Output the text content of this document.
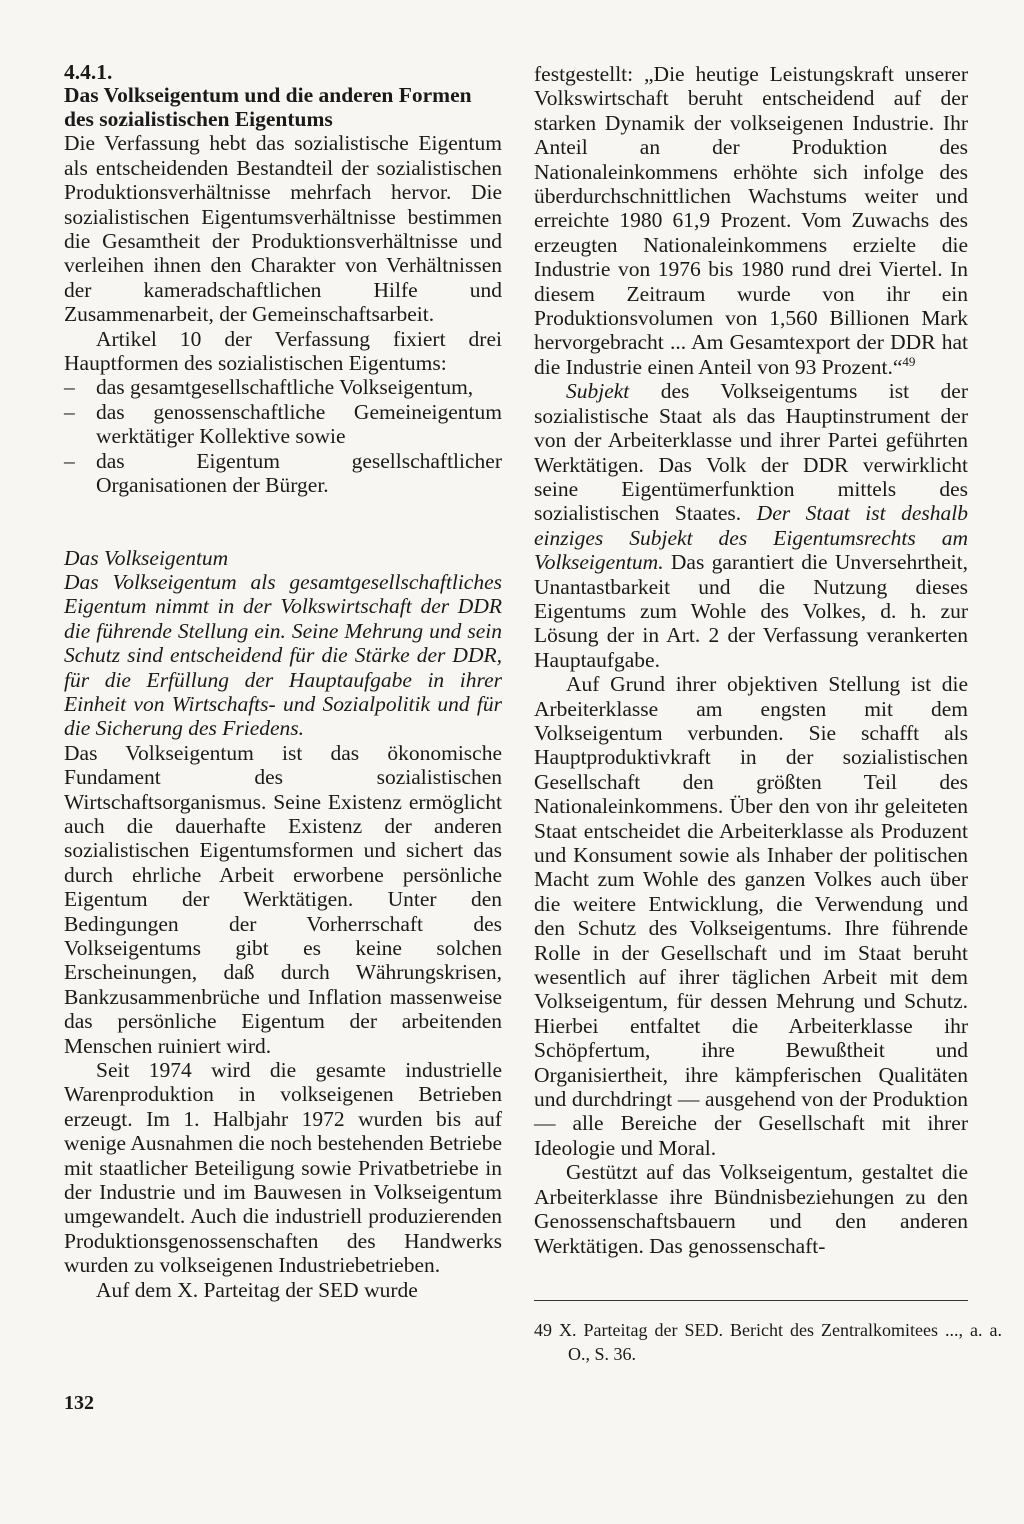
4.4.1.

Das Volkseigentum und die anderen Formen des sozialistischen Eigentums

Die Verfassung hebt das sozialistische Eigentum als entscheidenden Bestandteil der sozialistischen Produktionsverhältnisse mehrfach hervor. Die sozialistischen Eigentumsverhältnisse bestimmen die Gesamtheit der Produktionsverhältnisse und verleihen ihnen den Charakter von Verhältnissen der kameradschaftlichen Hilfe und Zusammenarbeit, der Gemeinschaftsarbeit.

Artikel 10 der Verfassung fixiert drei Hauptformen des sozialistischen Eigentums:

– das gesamtgesellschaftliche Volkseigentum,
– das genossenschaftliche Gemeineigentum werktätiger Kollektive sowie
– das Eigentum gesellschaftlicher Organisationen der Bürger.

Das Volkseigentum

Das Volkseigentum als gesamtgesellschaftliches Eigentum nimmt in der Volkswirtschaft der DDR die führende Stellung ein. Seine Mehrung und sein Schutz sind entscheidend für die Stärke der DDR, für die Erfüllung der Hauptaufgabe in ihrer Einheit von Wirtschafts- und Sozialpolitik und für die Sicherung des Friedens.

Das Volkseigentum ist das ökonomische Fundament des sozialistischen Wirtschaftsorganismus. Seine Existenz ermöglicht auch die dauerhafte Existenz der anderen sozialistischen Eigentumsformen und sichert das durch ehrliche Arbeit erworbene persönliche Eigentum der Werktätigen. Unter den Bedingungen der Vorherrschaft des Volkseigentums gibt es keine solchen Erscheinungen, daß durch Währungskrisen, Bankzusammenbrüche und Inflation massenweise das persönliche Eigentum der arbeitenden Menschen ruiniert wird.

Seit 1974 wird die gesamte industrielle Warenproduktion in volkseigenen Betrieben erzeugt. Im 1. Halbjahr 1972 wurden bis auf wenige Ausnahmen die noch bestehenden Betriebe mit staatlicher Beteiligung sowie Privatbetriebe in der Industrie und im Bauwesen in Volkseigentum umgewandelt. Auch die industriell produzierenden Produktionsgenossenschaften des Handwerks wurden zu volkseigenen Industriebetrieben.

Auf dem X. Parteitag der SED wurde

festgestellt: „Die heutige Leistungskraft unserer Volkswirtschaft beruht entscheidend auf der starken Dynamik der volkseigenen Industrie. Ihr Anteil an der Produktion des Nationaleinkommens erhöhte sich infolge des überdurchschnittlichen Wachstums weiter und erreichte 1980 61,9 Prozent. Vom Zuwachs des erzeugten Nationaleinkommens erzielte die Industrie von 1976 bis 1980 rund drei Viertel. In diesem Zeitraum wurde von ihr ein Produktionsvolumen von 1,560 Billionen Mark hervorgebracht ... Am Gesamtexport der DDR hat die Industrie einen Anteil von 93 Prozent.“$^{49}$

Subjekt des Volkseigentums ist der sozialistische Staat als das Hauptinstrument der von der Arbeiterklasse und ihrer Partei geführten Werktätigen. Das Volk der DDR verwirklicht seine Eigentümerfunktion mittels des sozialistischen Staates. Der Staat ist deshalb einziges Subjekt des Eigentumsrechts am Volkseigentum. Das garantiert die Unversehrtheit, Unantastbarkeit und die Nutzung dieses Eigentums zum Wohle des Volkes, d. h. zur Lösung der in Art. 2 der Verfassung verankerten Hauptaufgabe.

Auf Grund ihrer objektiven Stellung ist die Arbeiterklasse am engsten mit dem Volkseigentum verbunden. Sie schafft als Hauptproduktivkraft in der sozialistischen Gesellschaft den größten Teil des Nationaleinkommens. Über den von ihr geleiteten Staat entscheidet die Arbeiterklasse als Produzent und Konsument sowie als Inhaber der politischen Macht zum Wohle des ganzen Volkes auch über die weitere Entwicklung, die Verwendung und den Schutz des Volkseigentums. Ihre führende Rolle in der Gesellschaft und im Staat beruht wesentlich auf ihrer täglichen Arbeit mit dem Volkseigentum, für dessen Mehrung und Schutz. Hierbei entfaltet die Arbeiterklasse ihr Schöpfertum, ihre Bewußtheit und Organisiertheit, ihre kämpferischen Qualitäten und durchdringt — ausgehend von der Produktion — alle Bereiche der Gesellschaft mit ihrer Ideologie und Moral.

Gestützt auf das Volkseigentum, gestaltet die Arbeiterklasse ihre Bündnisbeziehungen zu den Genossenschaftsbauern und den anderen Werktätigen. Das genossenschaft-

49 X. Parteitag der SED. Bericht des Zentralkomitees ..., a. a. O., S. 36.
132
